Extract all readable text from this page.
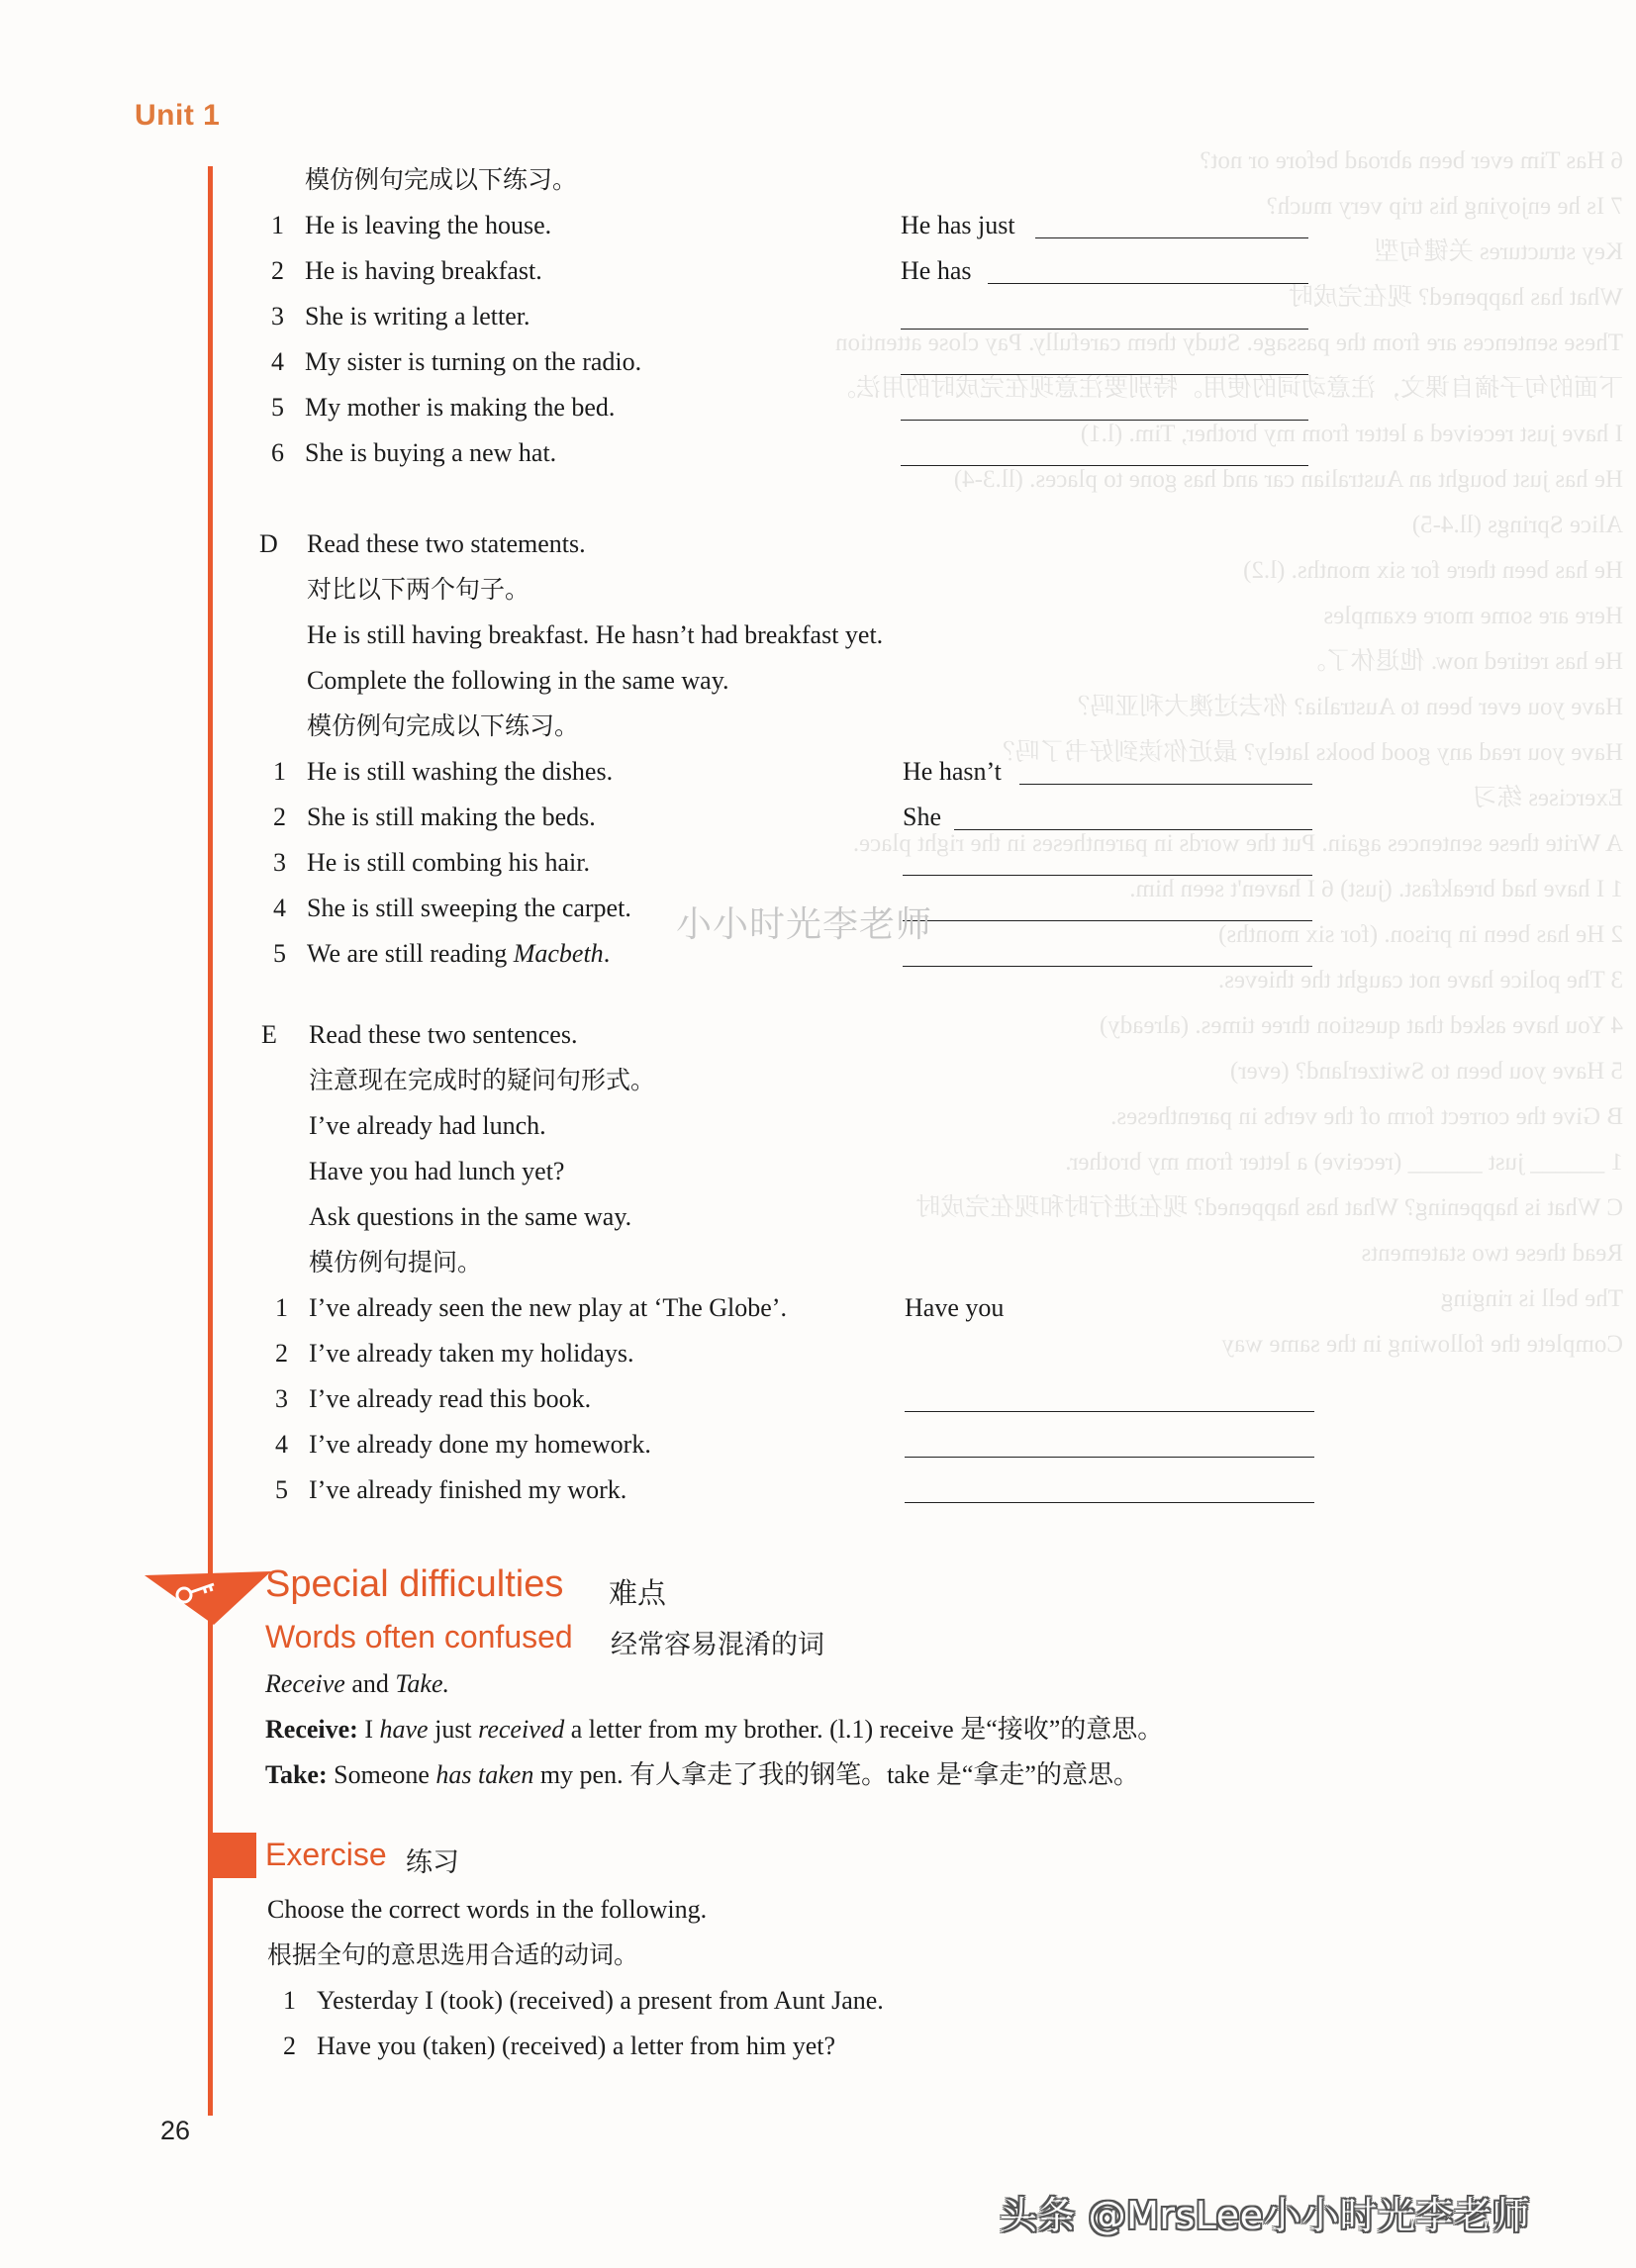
6 Has Tim ever been abroad before or not?
7 Is he enjoying his trip very much?
Key structures 关键句型
What has happened? 现在完成时
These sentences are from the passage. Study them carefully. Pay close attention
下面的句子摘自课文，注意动词的使用。特别要注意现在完成时的用法。
I have just received a letter from my brother, Tim. (l.1)
He has just bought an Australian car and has gone to places. (ll.3-4)
Alice Springs (ll.4-5)
He has been there for six months. (l.2)
Here are some more examples
He has retired now. 他退休了。
Have you ever been to Australia? 你去过澳大利亚吗？
Have you read any good books lately? 最近你读到好书了吗？
Exercises 练习
A Write these sentences again. Put the words in parentheses in the right place.
1 I have had breakfast. (just) 6 I haven't seen him.
2 He has been in prison. (for six months)
3 The police have not caught the thieves.
4 You have asked that question three times. (already)
5 Have you been to Switzerland? (ever)
B Give the correct form of the verbs in parentheses.
1 ______ just ______ (receive) a letter from my brother.
C What is happening? What has happened? 现在进行时和现在完成时
Read these two statements
The bell is ringing
Complete the following in the same way
Unit 1
模仿例句完成以下练习。
1 He is leaving the house.	He has just
2 He is having breakfast.	He has
3 She is writing a letter.
4 My sister is turning on the radio.
5 My mother is making the bed.
6 She is buying a new hat.
D Read these two statements.
对比以下两个句子。
He is still having breakfast. He hasn’t had breakfast yet.
Complete the following in the same way.
模仿例句完成以下练习。
1 He is still washing the dishes.	He hasn’t
2 She is still making the beds.	She
3 He is still combing his hair.
4 She is still sweeping the carpet.
5 We are still reading Macbeth.
小小时光李老师
E Read these two sentences.
注意现在完成时的疑问句形式。
I’ve already had lunch.
Have you had lunch yet?
Ask questions in the same way.
模仿例句提问。
1 I’ve already seen the new play at ‘The Globe’.	Have you
2 I’ve already taken my holidays.
3 I’ve already read this book.
4 I’ve already done my homework.
5 I’ve already finished my work.
Special difficulties 难点
Words often confused 经常容易混淆的词
Receive and Take.
Receive: I have just received a letter from my brother. (l.1) receive 是“接收”的意思。
Take: Someone has taken my pen. 有人拿走了我的钢笔。take 是“拿走”的意思。
Exercise 练习
Choose the correct words in the following.
根据全句的意思选用合适的动词。
1 Yesterday I (took) (received) a present from Aunt Jane.
2 Have you (taken) (received) a letter from him yet?
26
头条 @MrsLee小小时光李老师
